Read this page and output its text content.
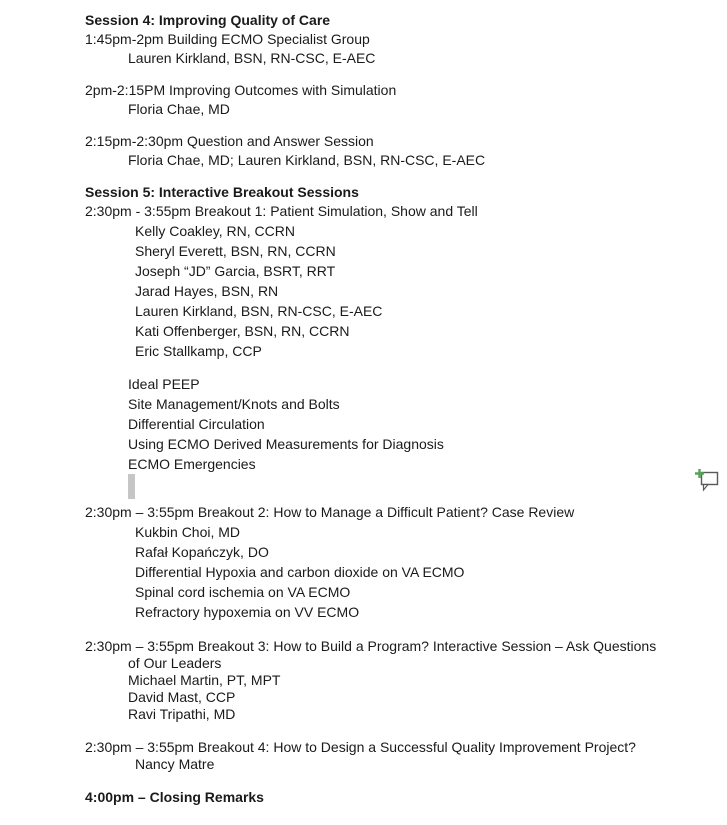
Session 4: Improving Quality of Care
1:45pm-2pm Building ECMO Specialist Group
Lauren Kirkland, BSN, RN-CSC, E-AEC
2pm-2:15PM Improving Outcomes with Simulation
Floria Chae, MD
2:15pm-2:30pm Question and Answer Session
Floria Chae, MD; Lauren Kirkland, BSN, RN-CSC, E-AEC
Session 5: Interactive Breakout Sessions
2:30pm - 3:55pm Breakout 1: Patient Simulation, Show and Tell
Kelly Coakley, RN, CCRN
Sheryl Everett, BSN, RN, CCRN
Joseph “JD” Garcia, BSRT, RRT
Jarad Hayes, BSN, RN
Lauren Kirkland, BSN, RN-CSC, E-AEC
Kati Offenberger, BSN, RN, CCRN
Eric Stallkamp, CCP
Ideal PEEP
Site Management/Knots and Bolts
Differential Circulation
Using ECMO Derived Measurements for Diagnosis
ECMO Emergencies
2:30pm – 3:55pm Breakout 2: How to Manage a Difficult Patient? Case Review
Kukbin Choi, MD
Rafał Kopańczyk, DO
Differential Hypoxia and carbon dioxide on VA ECMO
Spinal cord ischemia on VA ECMO
Refractory hypoxemia on VV ECMO
2:30pm – 3:55pm Breakout 3: How to Build a Program? Interactive Session – Ask Questions
of Our Leaders
Michael Martin, PT, MPT
David Mast, CCP
Ravi Tripathi, MD
2:30pm – 3:55pm Breakout 4: How to Design a Successful Quality Improvement Project?
Nancy Matre
4:00pm – Closing Remarks
